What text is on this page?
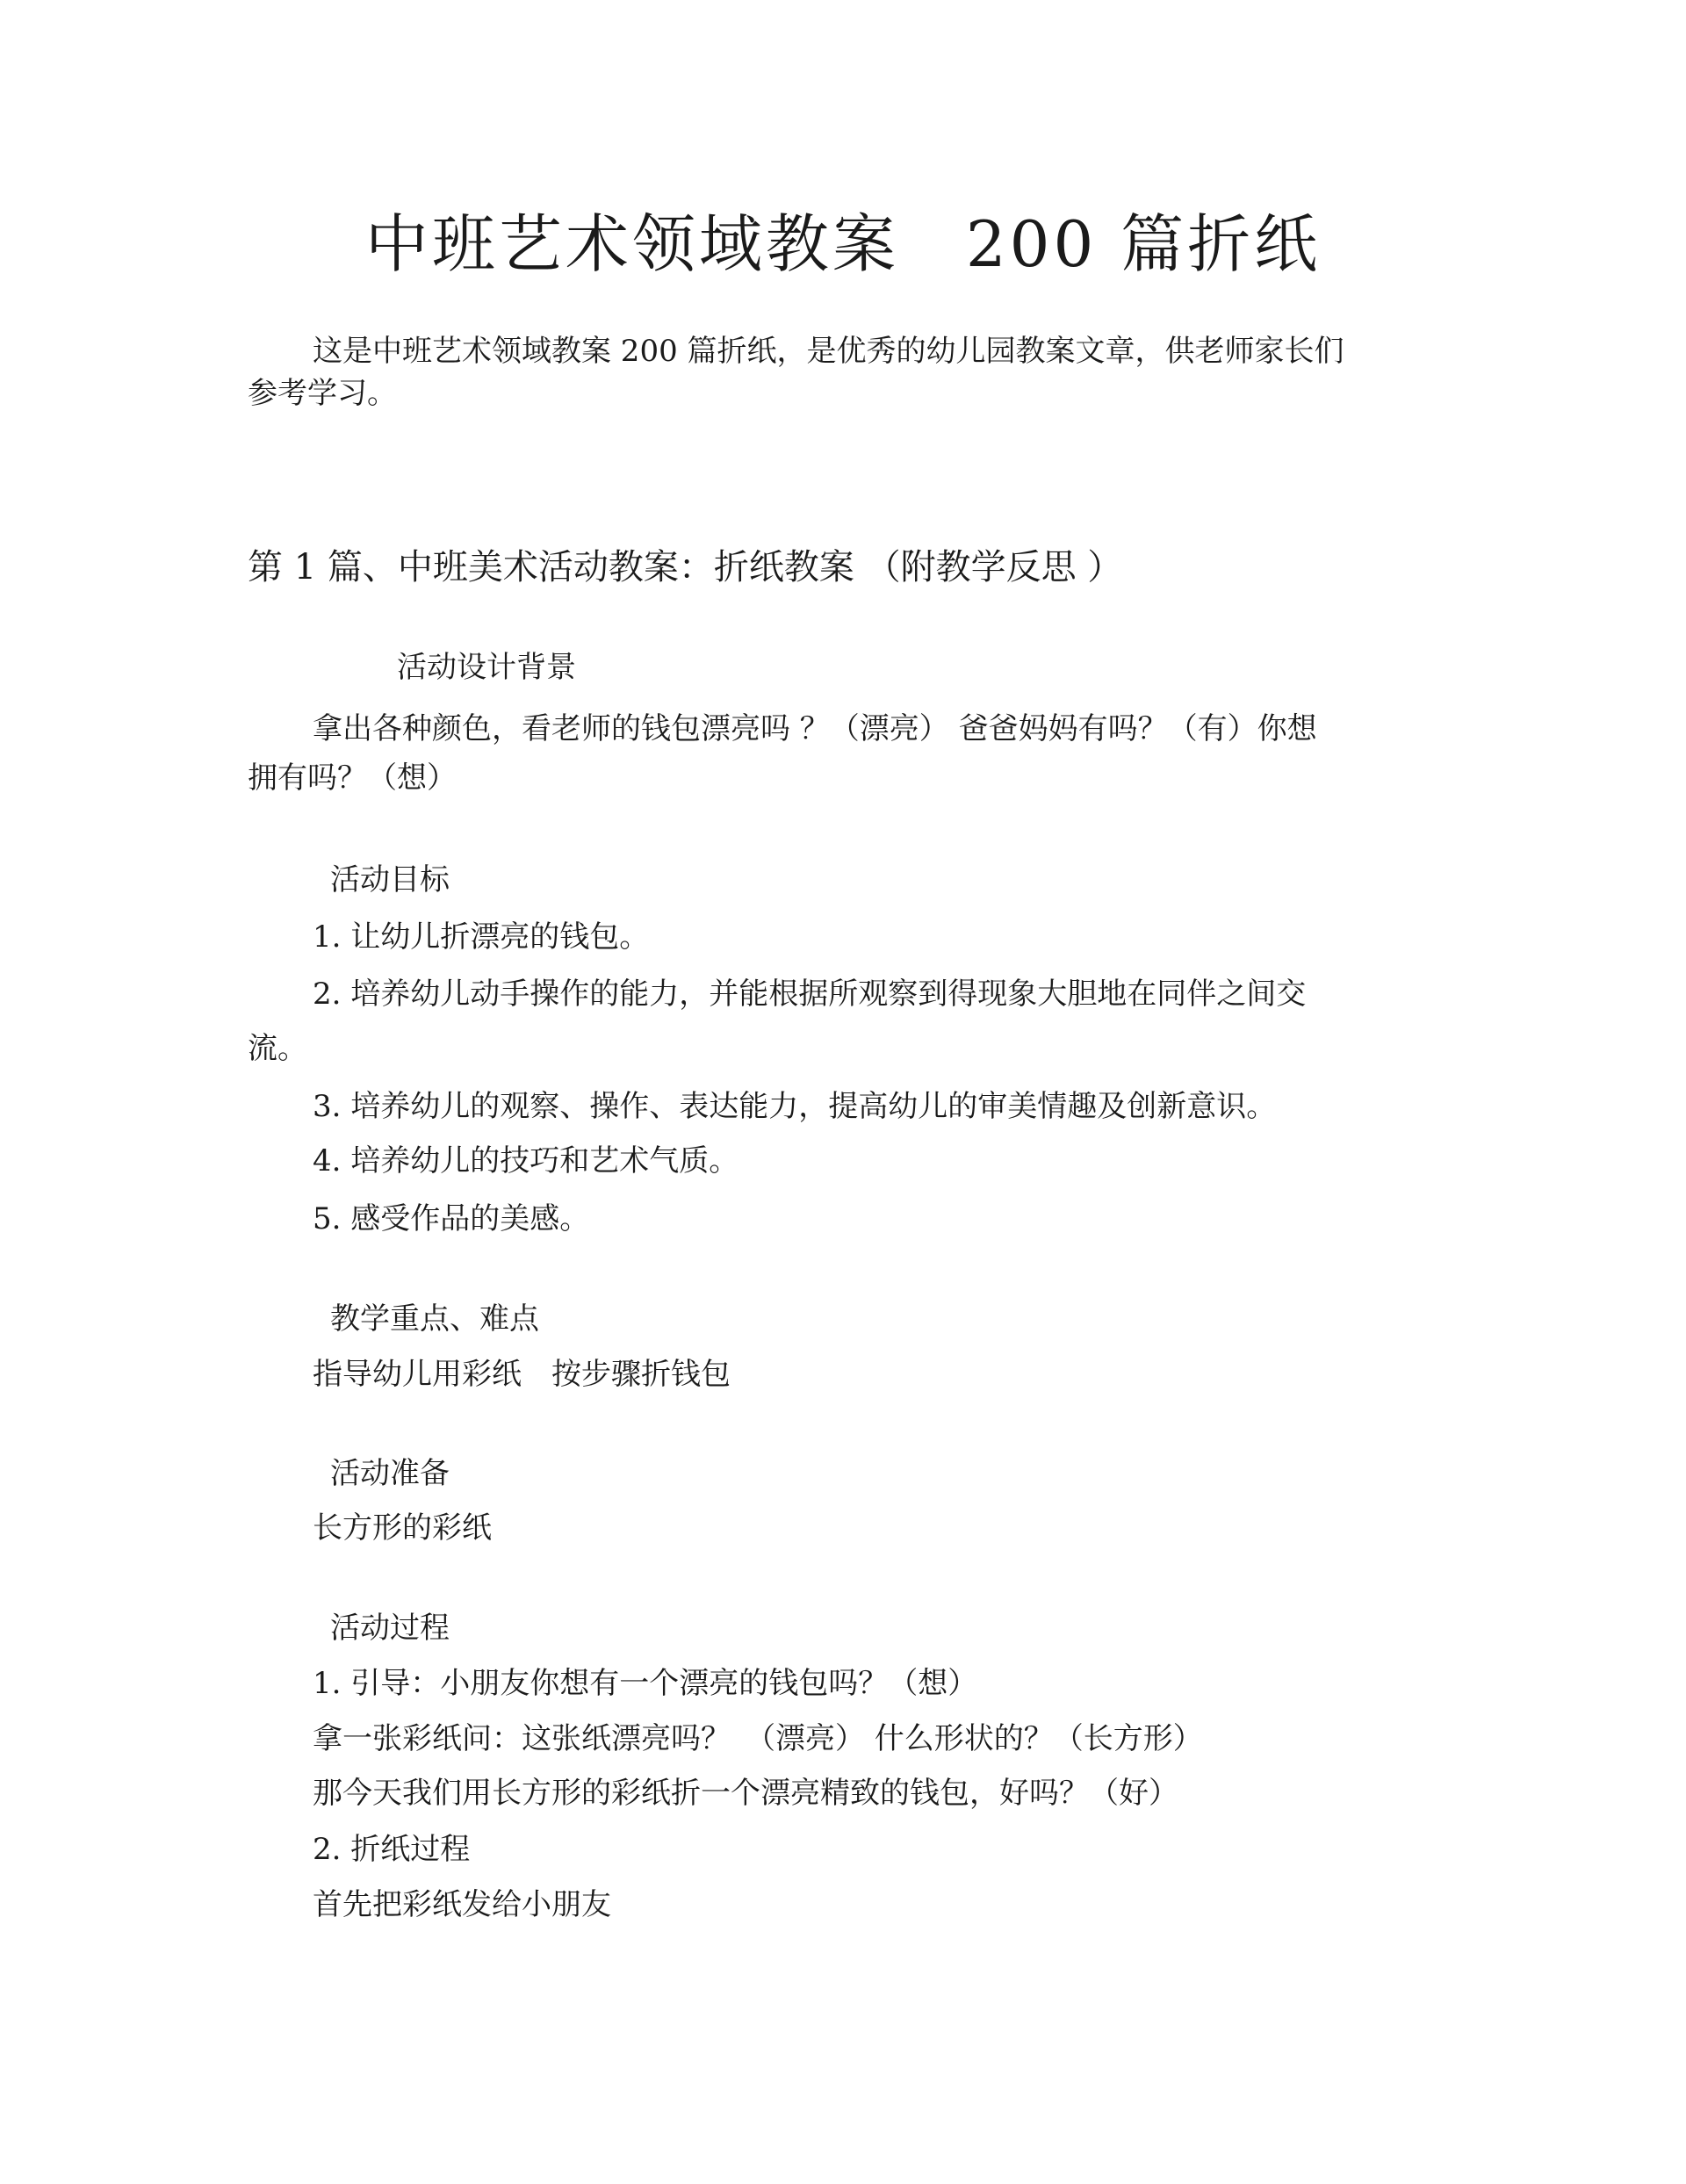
中班艺术领域教案　200 篇折纸
这是中班艺术领域教案 200 篇折纸，是优秀的幼儿园教案文章，供老师家长们
参考学习。
第 1 篇、中班美术活动教案：折纸教案 （附教学反思 ）
活动设计背景
拿出各种颜色，看老师的钱包漂亮吗 ？（漂亮） 爸爸妈妈有吗？（有）你想
拥有吗？（想）
活动目标
1. 让幼儿折漂亮的钱包。
2. 培养幼儿动手操作的能力，并能根据所观察到得现象大胆地在同伴之间交
流。
3. 培养幼儿的观察、操作、表达能力，提高幼儿的审美情趣及创新意识。
4. 培养幼儿的技巧和艺术气质。
5. 感受作品的美感。
教学重点、难点
指导幼儿用彩纸　按步骤折钱包
活动准备
长方形的彩纸
活动过程
1. 引导：小朋友你想有一个漂亮的钱包吗？（想）
拿一张彩纸问：这张纸漂亮吗？　（漂亮） 什么形状的？（长方形）
那今天我们用长方形的彩纸折一个漂亮精致的钱包，好吗？（好）
2. 折纸过程
首先把彩纸发给小朋友
